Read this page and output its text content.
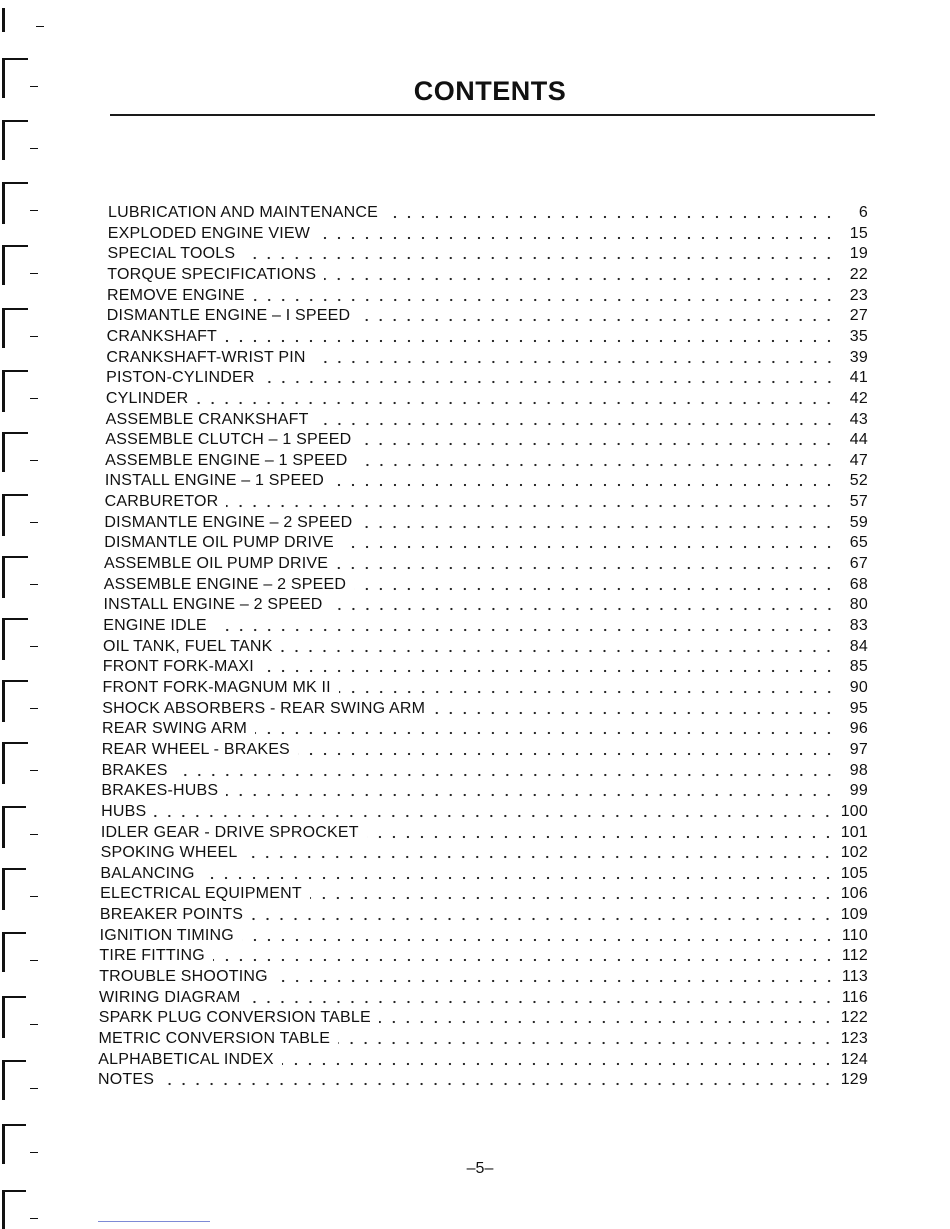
CONTENTS
LUBRICATION AND MAINTENANCE	6
EXPLODED ENGINE VIEW	15
SPECIAL TOOLS	19
TORQUE SPECIFICATIONS	22
REMOVE ENGINE	23
DISMANTLE ENGINE – I SPEED	27
CRANKSHAFT	35
CRANKSHAFT-WRIST PIN	39
PISTON-CYLINDER	41
CYLINDER	42
ASSEMBLE CRANKSHAFT	43
ASSEMBLE CLUTCH – 1 SPEED	44
ASSEMBLE ENGINE – 1 SPEED	47
INSTALL ENGINE – 1 SPEED	52
CARBURETOR	57
DISMANTLE ENGINE – 2 SPEED	59
DISMANTLE OIL PUMP DRIVE	65
ASSEMBLE OIL PUMP DRIVE	67
ASSEMBLE ENGINE – 2 SPEED	68
INSTALL ENGINE – 2 SPEED	80
ENGINE IDLE	83
OIL TANK, FUEL TANK	84
FRONT FORK-MAXI	85
FRONT FORK-MAGNUM MK II	90
SHOCK ABSORBERS - REAR SWING ARM	95
REAR SWING ARM	96
REAR WHEEL - BRAKES	97
BRAKES	98
BRAKES-HUBS	99
HUBS	100
IDLER GEAR - DRIVE SPROCKET	101
SPOKING WHEEL	102
BALANCING	105
ELECTRICAL EQUIPMENT	106
BREAKER POINTS	109
IGNITION TIMING	110
TIRE FITTING	112
TROUBLE SHOOTING	113
WIRING DIAGRAM	116
SPARK PLUG CONVERSION TABLE	122
METRIC CONVERSION TABLE	123
ALPHABETICAL INDEX	124
NOTES	129
–5–
